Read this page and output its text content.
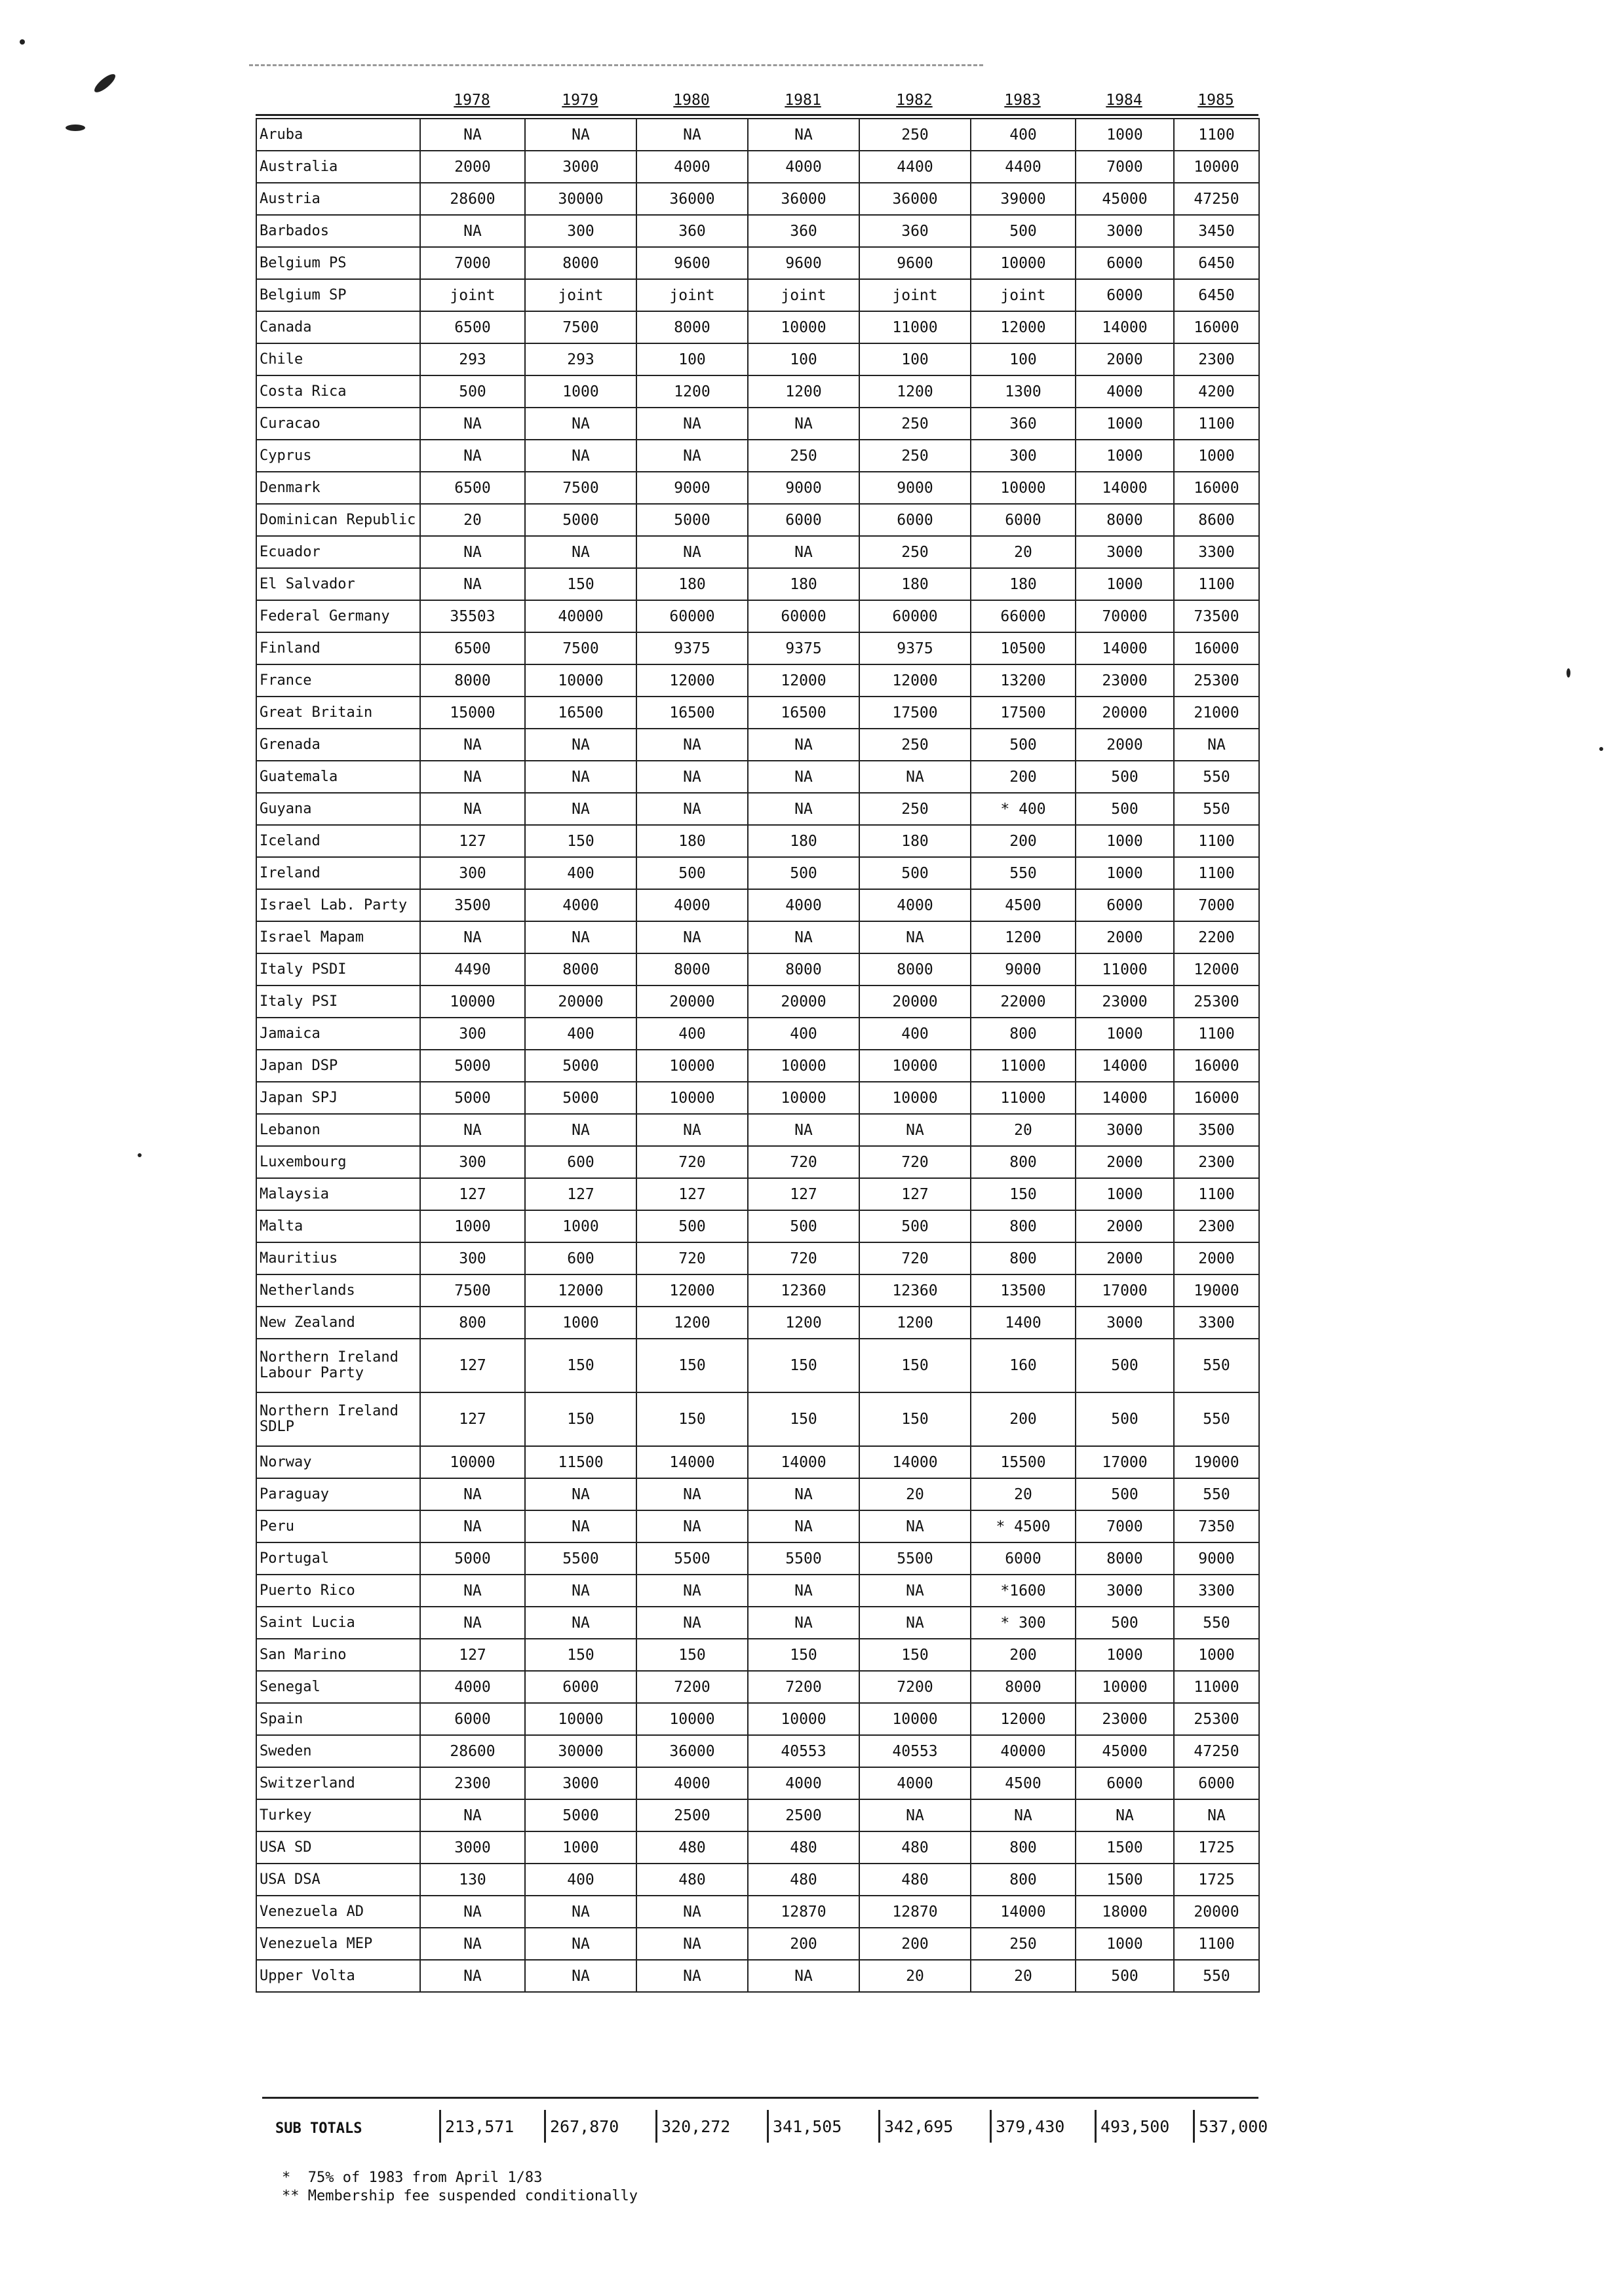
1978	1979	1980	1981	1982	1983	1984	1985
Aruba	NA	NA	NA	NA	250	400	1000	1100

Australia	2000	3000	4000	4000	4400	4400	7000	10000

Austria	28600	30000	36000	36000	36000	39000	45000	47250

Barbados	NA	300	360	360	360	500	3000	3450

Belgium PS	7000	8000	9600	9600	9600	10000	6000	6450

Belgium SP	joint	joint	joint	joint	joint	joint	6000	6450

Canada	6500	7500	8000	10000	11000	12000	14000	16000

Chile	293	293	100	100	100	100	2000	2300

Costa Rica	500	1000	1200	1200	1200	1300	4000	4200

Curacao	NA	NA	NA	NA	250	360	1000	1100

Cyprus	NA	NA	NA	250	250	300	1000	1000

Denmark	6500	7500	9000	9000	9000	10000	14000	16000

Dominican Republic	20	5000	5000	6000	6000	6000	8000	8600

Ecuador	NA	NA	NA	NA	250	20	3000	3300

El Salvador	NA	150	180	180	180	180	1000	1100

Federal Germany	35503	40000	60000	60000	60000	66000	70000	73500

Finland	6500	7500	9375	9375	9375	10500	14000	16000

France	8000	10000	12000	12000	12000	13200	23000	25300

Great Britain	15000	16500	16500	16500	17500	17500	20000	21000

Grenada	NA	NA	NA	NA	250	500	2000	NA

Guatemala	NA	NA	NA	NA	NA	200	500	550

Guyana	NA	NA	NA	NA	250	* 400	500	550

Iceland	127	150	180	180	180	200	1000	1100

Ireland	300	400	500	500	500	550	1000	1100

Israel Lab. Party	3500	4000	4000	4000	4000	4500	6000	7000

Israel Mapam	NA	NA	NA	NA	NA	1200	2000	2200

Italy PSDI	4490	8000	8000	8000	8000	9000	11000	12000

Italy PSI	10000	20000	20000	20000	20000	22000	23000	25300

Jamaica	300	400	400	400	400	800	1000	1100

Japan DSP	5000	5000	10000	10000	10000	11000	14000	16000

Japan SPJ	5000	5000	10000	10000	10000	11000	14000	16000

Lebanon	NA	NA	NA	NA	NA	20	3000	3500

Luxembourg	300	600	720	720	720	800	2000	2300

Malaysia	127	127	127	127	127	150	1000	1100

Malta	1000	1000	500	500	500	800	2000	2300

Mauritius	300	600	720	720	720	800	2000	2000

Netherlands	7500	12000	12000	12360	12360	13500	17000	19000

New Zealand	800	1000	1200	1200	1200	1400	3000	3300

Northern Ireland
Labour Party	127	150	150	150	150	160	500	550

Northern Ireland
SDLP	127	150	150	150	150	200	500	550

Norway	10000	11500	14000	14000	14000	15500	17000	19000

Paraguay	NA	NA	NA	NA	20	20	500	550

Peru	NA	NA	NA	NA	NA	* 4500	7000	7350

Portugal	5000	5500	5500	5500	5500	6000	8000	9000

Puerto Rico	NA	NA	NA	NA	NA	*1600	3000	3300

Saint Lucia	NA	NA	NA	NA	NA	* 300	500	550

San Marino	127	150	150	150	150	200	1000	1000

Senegal	4000	6000	7200	7200	7200	8000	10000	11000

Spain	6000	10000	10000	10000	10000	12000	23000	25300

Sweden	28600	30000	36000	40553	40553	40000	45000	47250

Switzerland	2300	3000	4000	4000	4000	4500	6000	6000

Turkey	NA	5000	2500	2500	NA	NA	NA	NA

USA SD	3000	1000	480	480	480	800	1500	1725

USA DSA	130	400	480	480	480	800	1500	1725

Venezuela AD	NA	NA	NA	12870	12870	14000	18000	20000

Venezuela MEP	NA	NA	NA	200	200	250	1000	1100

Upper Volta	NA	NA	NA	NA	20	20	500	550
SUB TOTALS	213,571	267,870	320,272	341,505	342,695	379,430	493,500	537,000
*  75% of 1983 from April 1/83
** Membership fee suspended conditionally
